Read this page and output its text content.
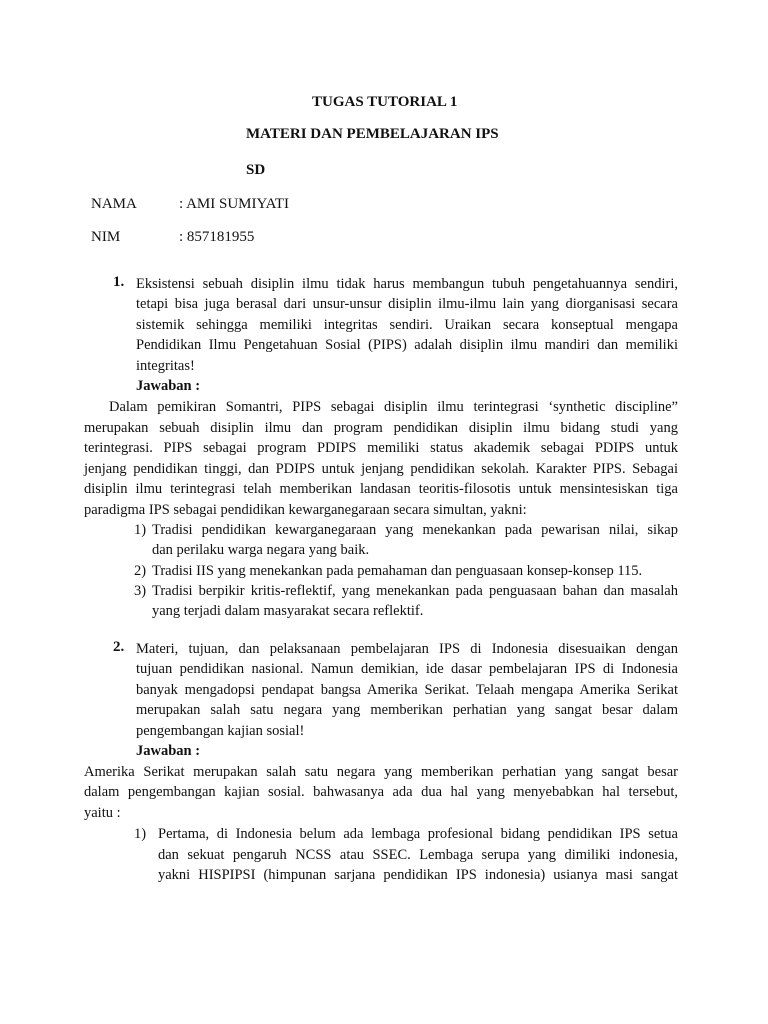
TUGAS TUTORIAL 1
MATERI DAN PEMBELAJARAN IPS
SD
NAMA	: AMI SUMIYATI
NIM	: 857181955
1. Eksistensi sebuah disiplin ilmu tidak harus membangun tubuh pengetahuannya sendiri,
tetapi bisa juga berasal dari unsur-unsur disiplin ilmu-ilmu lain yang diorganisasi secara
sistemik sehingga memiliki integritas sendiri. Uraikan secara konseptual mengapa
Pendidikan Ilmu Pengetahuan Sosial (PIPS) adalah disiplin ilmu mandiri dan memiliki
integritas!
Jawaban :
Dalam pemikiran Somantri, PIPS sebagai disiplin ilmu terintegrasi ‘synthetic discipline”
merupakan sebuah disiplin ilmu dan program pendidikan disiplin ilmu bidang studi yang
terintegrasi. PIPS sebagai program PDIPS memiliki status akademik sebagai PDIPS untuk
jenjang pendidikan tinggi, dan PDIPS untuk jenjang pendidikan sekolah. Karakter PIPS. Sebagai
disiplin ilmu terintegrasi telah memberikan landasan teoritis-filosotis untuk mensintesiskan tiga
paradigma IPS sebagai pendidikan kewarganegaraan secara simultan, yakni:
1) Tradisi pendidikan kewarganegaraan yang menekankan pada pewarisan nilai, sikap
dan perilaku warga negara yang baik.
2) Tradisi IIS yang menekankan pada pemahaman dan penguasaan konsep-konsep 115.
3) Tradisi berpikir kritis-reflektif, yang menekankan pada penguasaan bahan dan masalah
yang terjadi dalam masyarakat secara reflektif.
2. Materi, tujuan, dan pelaksanaan pembelajaran IPS di Indonesia disesuaikan dengan
tujuan pendidikan nasional. Namun demikian, ide dasar pembelajaran IPS di Indonesia
banyak mengadopsi pendapat bangsa Amerika Serikat. Telaah mengapa Amerika Serikat
merupakan salah satu negara yang memberikan perhatian yang sangat besar dalam
pengembangan kajian sosial!
Jawaban :
Amerika Serikat merupakan salah satu negara yang memberikan perhatian yang sangat besar
dalam pengembangan kajian sosial. bahwasanya ada dua hal yang menyebabkan hal tersebut,
yaitu :
1) Pertama, di Indonesia belum ada lembaga profesional bidang pendidikan IPS setua
dan sekuat pengaruh NCSS atau SSEC. Lembaga serupa yang dimiliki indonesia,
yakni HISPIPSI (himpunan sarjana pendidikan IPS indonesia) usianya masi sangat
